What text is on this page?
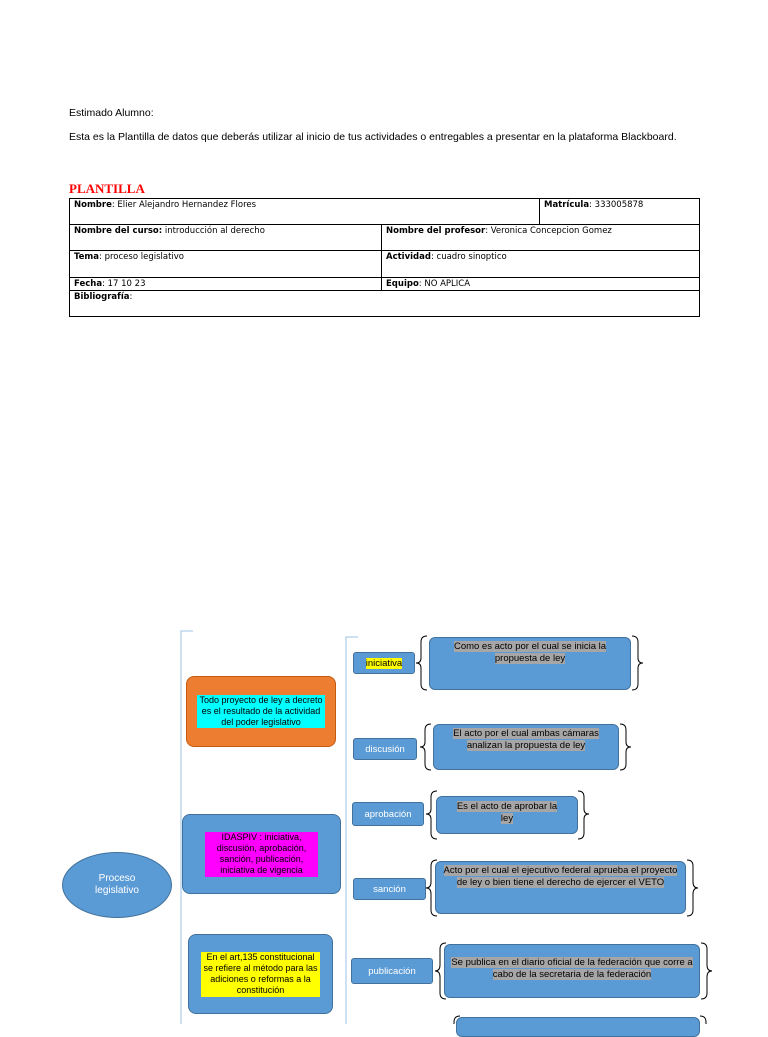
Estimado Alumno:
Esta es la Plantilla de datos que deberás utilizar al inicio de tus actividades o entregables a presentar en la plataforma Blackboard.
PLANTILLA
Nombre: Elier Alejandro Hernandez Flores		Matrícula: 333005878
Nombre del curso: introducción al derecho	Nombre del profesor: Veronica Concepcion Gomez	
Tema: proceso legislativo	Actividad: cuadro sinoptico	
Fecha: 17 10 23	Equipo: NO APLICA	
Bibliografía:		
Proceso legislativo
Todo proyecto de ley a decreto es el resultado de la actividad del poder legislativo
IDASPIV : iniciativa, discusión, aprobación, sanción, publicación, iniciativa de vigencia
En el art,135 constitucional se refiere al método para las adiciones o reformas a la constitución
iniciativa
discusión
aprobación
sanción
publicación
Como es acto por el cual se inicia la propuesta de ley
El acto por el cual ambas cámaras analizan la propuesta de ley
Es el acto de aprobar la ley
Acto por el cual el ejecutivo federal aprueba el proyecto de ley o bien tiene el derecho de ejercer el VETO
Se publica en el diario oficial de la federación que corre a cabo de la secretaria de la federación
